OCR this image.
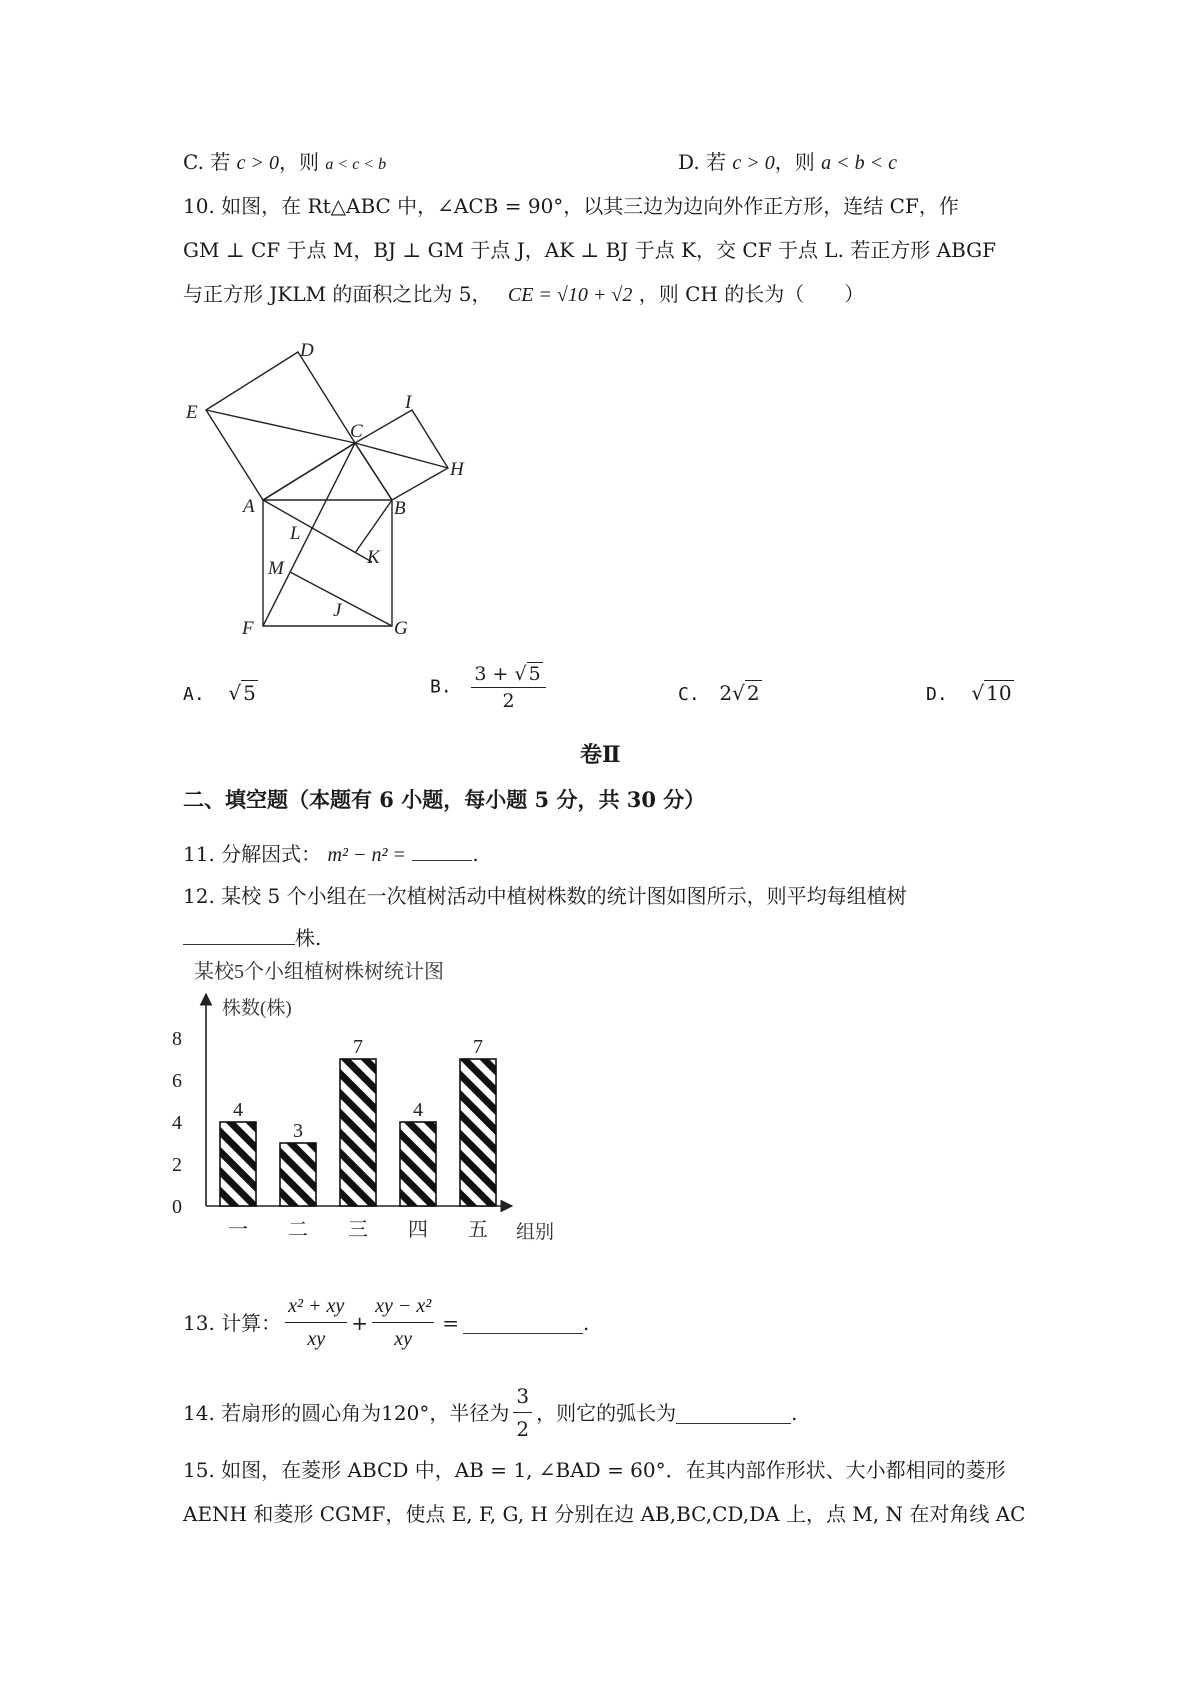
C. 若 c > 0，则 a < c < b	D. 若 c > 0，则 a < b < c
10. 如图，在 Rt△ABC 中，∠ACB = 90°，以其三边为边向外作正方形，连结 CF，作
GM ⊥ CF 于点 M，BJ ⊥ GM 于点 J，AK ⊥ BJ 于点 K，交 CF 于点 L. 若正方形 ABGF
与正方形 JKLM 的面积之比为 5， CE = √10 + √2 ，则 CH 的长为（　　）
D
E	I
C
H
A	B
L
K
M
J
F	G
A. √ 5	B. $\frac{3 + √ 5}{2}$	C. 2√ 2	D. √ 10
卷Ⅱ
二、填空题（本题有 6 小题，每小题 5 分，共 30 分）
11. 分解因式： m² − n² =	.
12. 某校 5 个小组在一次植树活动中植树株数的统计图如图所示，则平均每组植树
株.
某校5个小组植树株树统计图
株数(株)
组别
0
2
4
6
8
4
一
3
二
7
三
4
四
7
五
13. 计算： $\frac{\text{x² + xy}}{xy} + \frac{\text{xy − x²}}{xy}$ =	.
14. 若扇形的圆心角为120°，半径为 $\frac{3}{2}$ ，则它的弧长为	.
15. 如图，在菱形 ABCD 中，AB = 1, ∠BAD = 60°．在其内部作形状、大小都相同的菱形
AENH 和菱形 CGMF，使点 E, F, G, H 分别在边 AB,BC,CD,DA 上，点 M, N 在对角线 AC
